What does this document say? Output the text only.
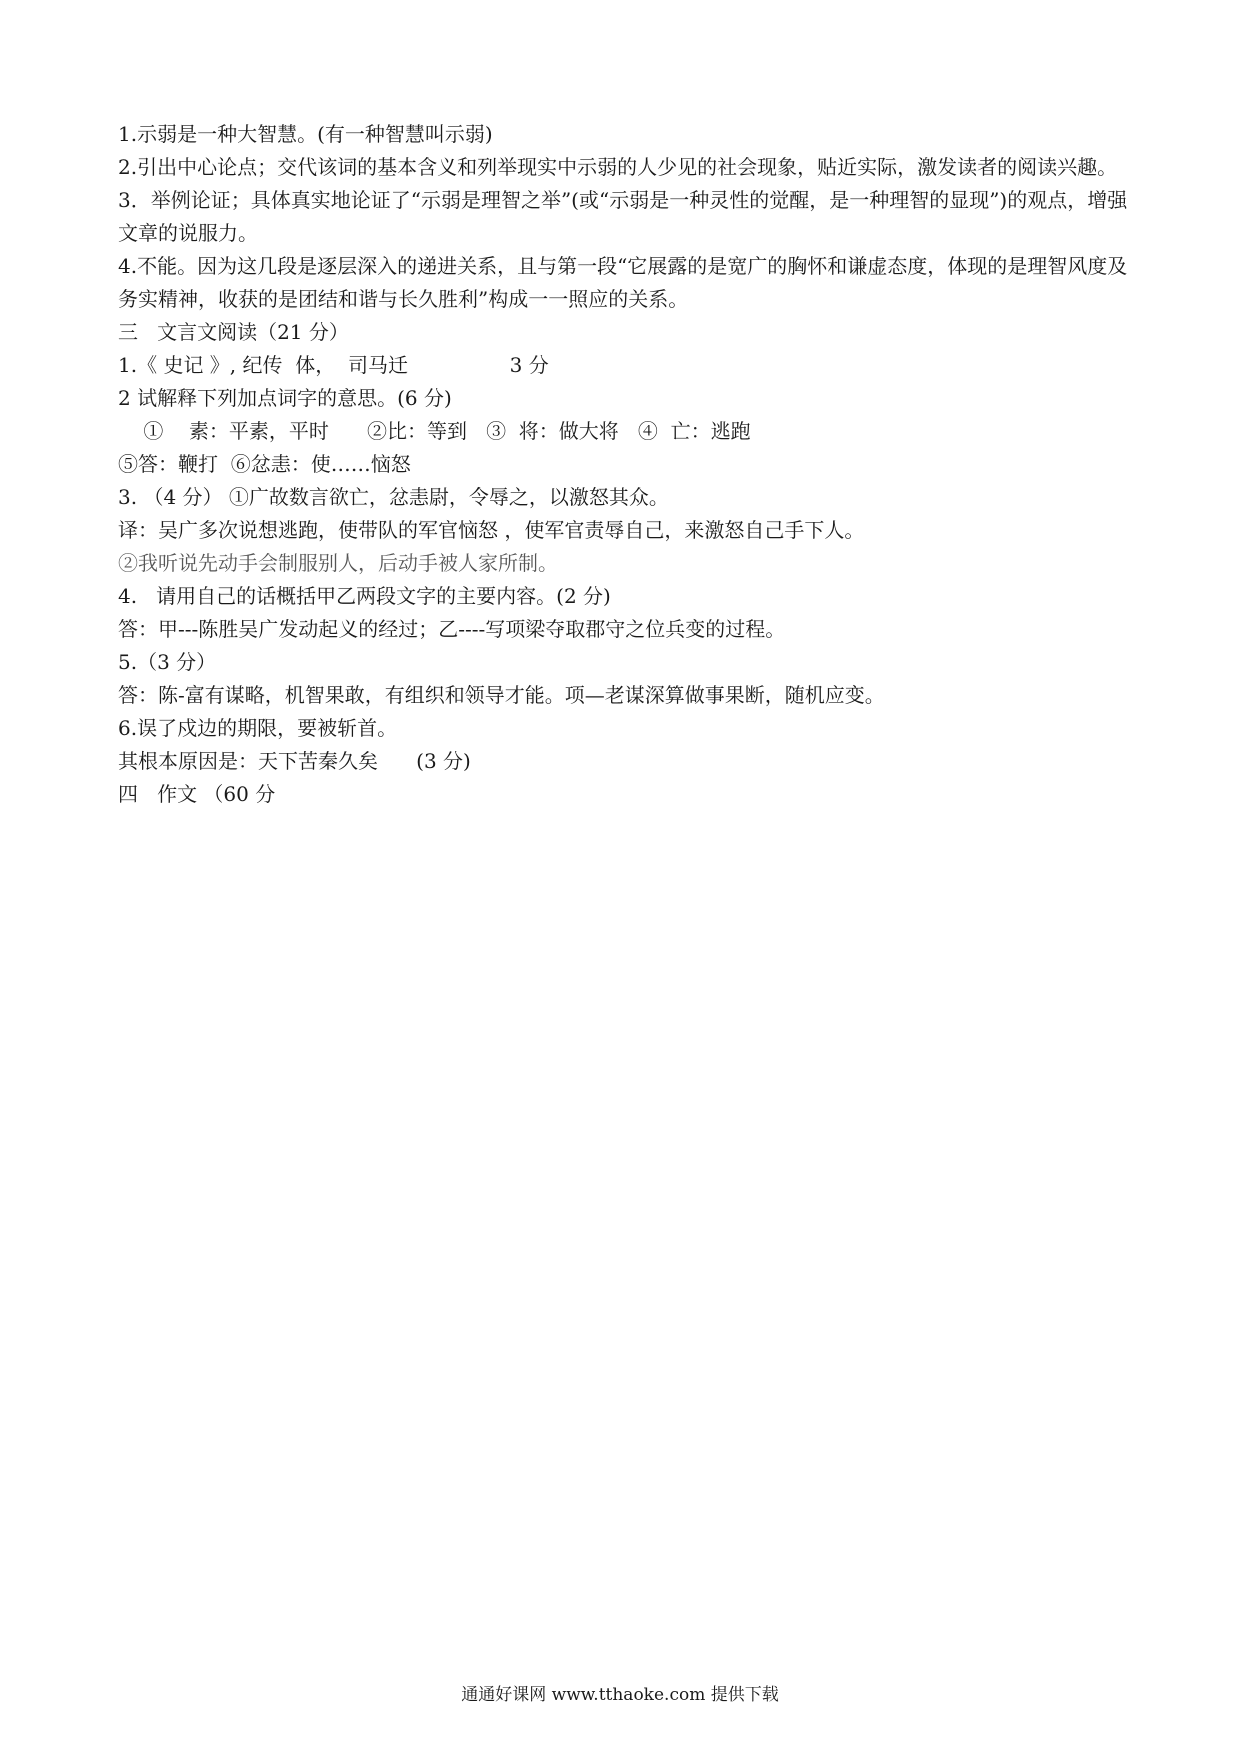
1.示弱是一种大智慧。(有一种智慧叫示弱)

2.引出中心论点；交代该词的基本含义和列举现实中示弱的人少见的社会现象，贴近实际，激发读者的阅读兴趣。

3．举例论证；具体真实地论证了“示弱是理智之举”(或“示弱是一种灵性的觉醒，是一种理智的显现”)的观点，增强文章的说服力。

4.不能。因为这几段是逐层深入的递进关系，且与第一段“它展露的是宽广的胸怀和谦虚态度，体现的是理智风度及务实精神，收获的是团结和谐与长久胜利”构成一一照应的关系。

三   文言文阅读（21 分）

1.《 史记 》, 纪传  体，  司马迁                3 分

2 试解释下列加点词字的意思。(6 分)

①    素：平素，平时      ②比：等到   ③  将：做大将   ④  亡：逃跑

⑤答：鞭打  ⑥忿恚：使……恼怒

3. （4 分） ①广故数言欲亡，忿恚尉，令辱之，以激怒其众。

译：吴广多次说想逃跑，使带队的军官恼怒 ，使军官责辱自己，来激怒自己手下人。

②我听说先动手会制服别人，后动手被人家所制。

4.   请用自己的话概括甲乙两段文字的主要内容。(2 分)

答：甲---陈胜吴广发动起义的经过；乙----写项梁夺取郡守之位兵变的过程。

5.（3 分）

答：陈-富有谋略，机智果敢，有组织和领导才能。项—老谋深算做事果断，随机应变。

6.误了戍边的期限，要被斩首。

其根本原因是：天下苦秦久矣      (3 分)

四   作文 （60 分

通通好课网 www.tthaoke.com 提供下载
